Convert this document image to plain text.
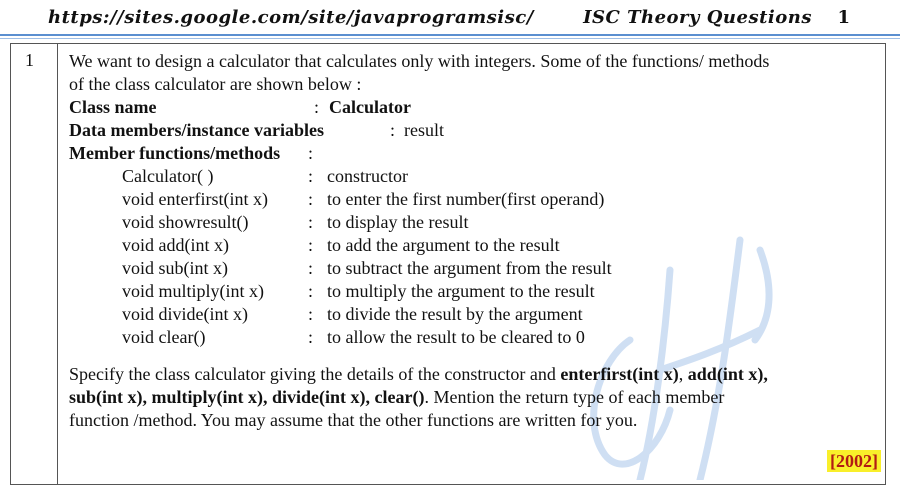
https://sites.google.com/site/javaprogramsisc/	ISC Theory Questions 1
1 We want to design a calculator that calculates only with integers. Some of the functions/ methods

of the class calculator are shown below :

Class name	: Calculator
Data members/instance variables	: result
Member functions/methods :
Calculator( )	: constructor
void enterfirst(int x) : to enter the first number(first operand)
void showresult()	: to display the result
void add(int x)	: to add the argument to the result
void sub(int x)	: to subtract the argument from the result
void multiply(int x) : to multiply the argument to the result
void divide(int x)	: to divide the result by the argument
void clear()	: to allow the result to be cleared to 0

Specify the class calculator giving the details of the constructor and enterfirst(int x), add(int x),
sub(int x), multiply(int x), divide(int x), clear(). Mention the return type of each member
function /method. You may assume that the other functions are written for you.

[2002]
